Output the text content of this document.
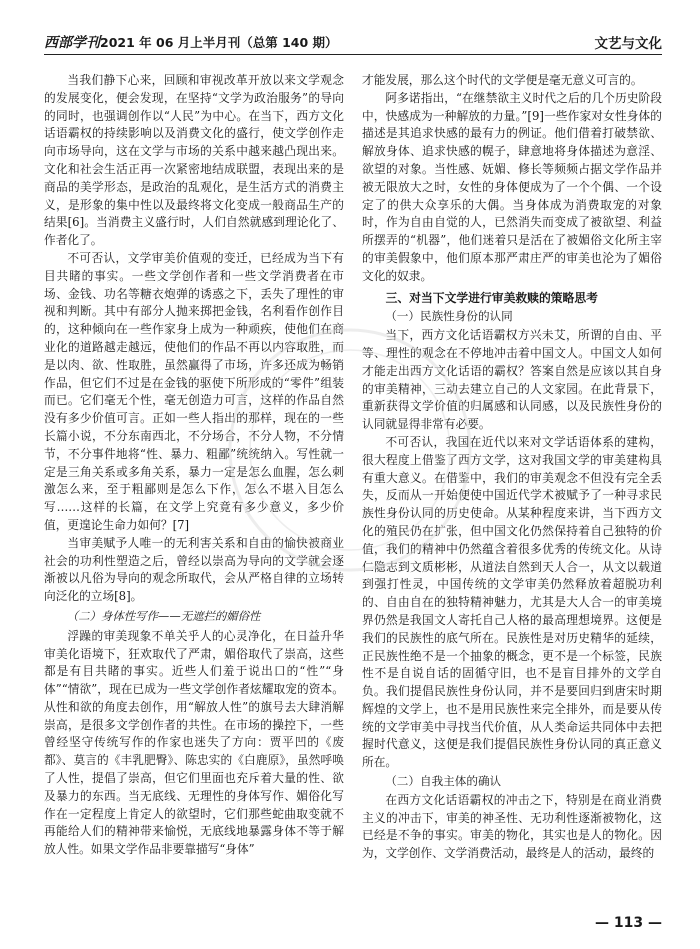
西部学刊2021 年 06 月上半月刊（总第 140 期）	文艺与文化

当我们静下心来，回顾和审视改革开放以来文学观念的发展变化，便会发现，在坚持“文学为政治服务”的导向的同时，也强调创作以“人民”为中心。在当下，西方文化话语霸权的持续影响以及消费文化的盛行，使文学创作走向市场导向，这在文学与市场的关系中越来越凸现出来。文化和社会生活正再一次紧密地结成联盟，表现出来的是商品的美学形态，是政治的乱观化，是生活方式的消费主义，是形象的集中性以及最终将文化变成一般商品生产的结果[6]。当消费主义盛行时，人们自然就感到理论化了、作者化了。

不可否认，文学审美价值观的变迁，已经成为当下有目共睹的事实。一些文学创作者和一些文学消费者在市场、金钱、功名等糖衣炮弹的诱惑之下，丢失了理性的审视和判断。其中有部分人抛来掷把金钱，名利看作创作目的，这种倾向在一些作家身上成为一种顽疾，使他们在商业化的道路越走越远，使他们的作品不再以内容取胜，而是以肉、欲、性取胜，虽然赢得了市场，许多还成为畅销作品，但它们不过是在金钱的驱使下所形成的“零件”组装而已。它们毫无个性，毫无创造力可言，这样的作品自然没有多少价值可言。正如一些人指出的那样，现在的一些长篇小说，不分东南西北，不分场合，不分人物，不分情节，不分事件地将“性、暴力、粗鄙”统统纳入。写性就一定是三角关系或多角关系，暴力一定是怎么血腥，怎么刺激怎么来，至于粗鄙则是怎么下作，怎么不堪入目怎么写……这样的长篇，在文学上究竟有多少意义，多少价值，更遑论生命力如何？[7]

当审美赋予人唯一的无利害关系和自由的愉快被商业社会的功利性塑造之后，曾经以崇高为导向的文学就会逐渐被以凡俗为导向的观念所取代，会从严格自律的立场转向泛化的立场[8]。

（二）身体性写作——无遮拦的媚俗性

浮躁的审美现象不单关乎人的心灵净化，在日益升华审美化语境下，狂欢取代了严肃，媚俗取代了崇高，这些都是有目共睹的事实。近些人们羞于说出口的“性”“身体”“情欲”，现在已成为一些文学创作者炫耀取宠的资本。从性和欲的角度去创作，用“解放人性”的旗号去大肆消解崇高，是很多文学创作者的共性。在市场的操控下，一些曾经坚守传统写作的作家也迷失了方向：贾平凹的《废都》、莫言的《丰乳肥臀》、陈忠实的《白鹿原》，虽然呼唤了人性，提倡了崇高，但它们里面也充斥着大量的性、欲及暴力的东西。当无底线、无理性的身体写作、媚俗化写作在一定程度上肯定人的欲望时，它们那些蛇曲取变就不再能给人们的精神带来愉悦，无底线地暴露身体不等于解放人性。如果文学作品非要靠描写“身体”

才能发展，那么这个时代的文学便是毫无意义可言的。

阿多诺指出，“在继禁欲主义时代之后的几个历史阶段中，快感成为一种解放的力量。”[9]一些作家对女性身体的描述是其追求快感的最有力的例证。他们借着打破禁欲、解放身体、追求快感的幌子，肆意地将身体描述为意淫、欲望的对象。当性感、妩媚、修长等频频占据文学作品并被无限放大之时，女性的身体便成为了一个个偶、一个设定了的供大众享乐的大偶。当身体成为消费取宠的对象时，作为自由自觉的人，已然消失而变成了被欲望、利益所摆弄的“机器”，他们迷着只是活在了被媚俗文化所主宰的审美假象中，他们原本那严肃庄严的审美也沦为了媚俗文化的奴隶。

三、对当下文学进行审美救赎的策略思考

（一）民族性身份的认同

当下，西方文化话语霸权方兴未艾，所谓的自由、平等、理性的观念在不停地冲击着中国文人。中国文人如何才能走出西方文化话语的霸权？答案自然是应该以其自身的审美精神，三动去建立自己的人文家园。在此背景下，重新获得文学价值的归属感和认同感，以及民族性身份的认同就显得非常有必要。

不可否认，我国在近代以来对文学话语体系的建构，很大程度上借鉴了西方文学，这对我国文学的审美建构具有重大意义。在借鉴中，我们的审美观念不但没有完全丢失，反而从一开始便使中国近代学术被赋予了一种寻求民族性身份认同的历史使命。从某种程度来讲，当下西方文化的殖民仍在扩张，但中国文化仍然保持着自己独特的价值，我们的精神中仍然蕴含着很多优秀的传统文化。从诗仁隐志到文质彬彬，从道法自然到天人合一，从文以载道到强打性灵，中国传统的文学审美仍然释放着超脱功利的、自由自在的独特精神魅力，尤其是大人合一的审美境界仍然是我国文人寄托自己人格的最高理想境界。这便是我们的民族性的底气所在。民族性是对历史精华的延续，正民族性绝不是一个抽象的概念，更不是一个标签，民族性不是自说自话的固循守旧，也不是盲目排外的文学自负。我们提倡民族性身份认同，并不是要回归到唐宋时期辉煌的文学上，也不是用民族性来完全排外，而是要从传统的文学审美中寻找当代价值，从人类命运共同体中去把握时代意义，这便是我们提倡民族性身份认同的真正意义所在。

（二）自我主体的确认

在西方文化话语霸权的冲击之下，特别是在商业消费主义的冲击下，审美的神圣性、无功利性逐渐被物化，这已经是不争的事实。审美的物化，其实也是人的物化。因为，文学创作、文学消费活动，最终是人的活动，最终的

— 113 —
